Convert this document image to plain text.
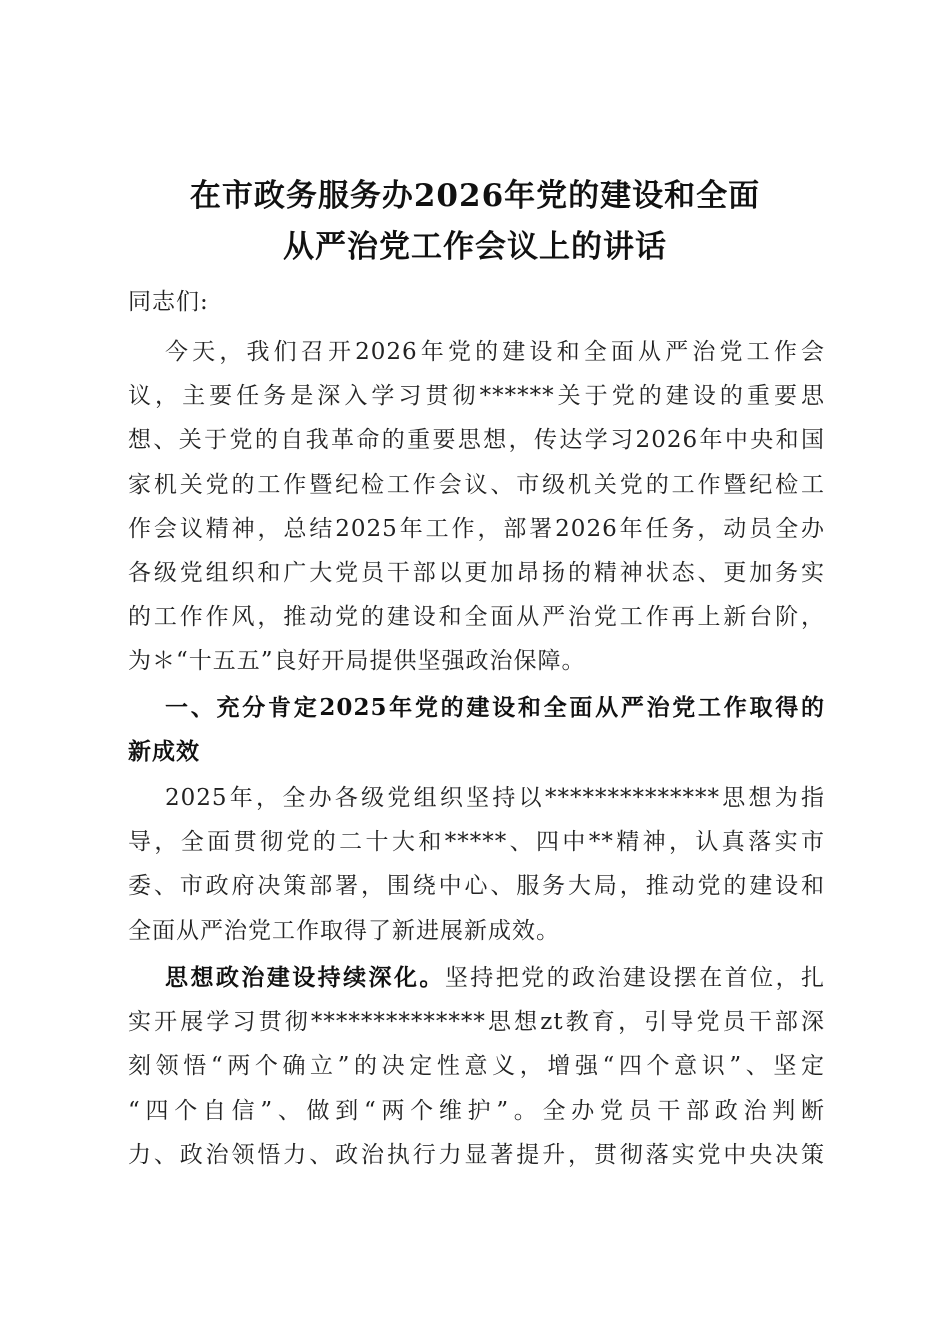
在市政务服务办2026年党的建设和全面
从严治党工作会议上的讲话
同志们:
今天，我们召开2026年党的建设和全面从严治党工作会
议，主要任务是深入学习贯彻******关于党的建设的重要思
想、关于党的自我革命的重要思想，传达学习2026年中央和国
家机关党的工作暨纪检工作会议、市级机关党的工作暨纪检工
作会议精神，总结2025年工作，部署2026年任务，动员全办
各级党组织和广大党员干部以更加昂扬的精神状态、更加务实
的工作作风，推动党的建设和全面从严治党工作再上新台阶，
为＊“十五五”良好开局提供坚强政治保障。
一、充分肯定2025年党的建设和全面从严治党工作取得的
新成效
2025年，全办各级党组织坚持以**************思想为指
导，全面贯彻党的二十大和*****、四中**精神，认真落实市
委、市政府决策部署，围绕中心、服务大局，推动党的建设和
全面从严治党工作取得了新进展新成效。
思想政治建设持续深化。坚持把党的政治建设摆在首位，扎
实开展学习贯彻**************思想zt教育，引导党员干部深
刻领悟“两个确立”的决定性意义，增强“四个意识”、坚定
“四个自信”、做到“两个维护”。全办党员干部政治判断
力、政治领悟力、政治执行力显著提升，贯彻落实党中央决策
